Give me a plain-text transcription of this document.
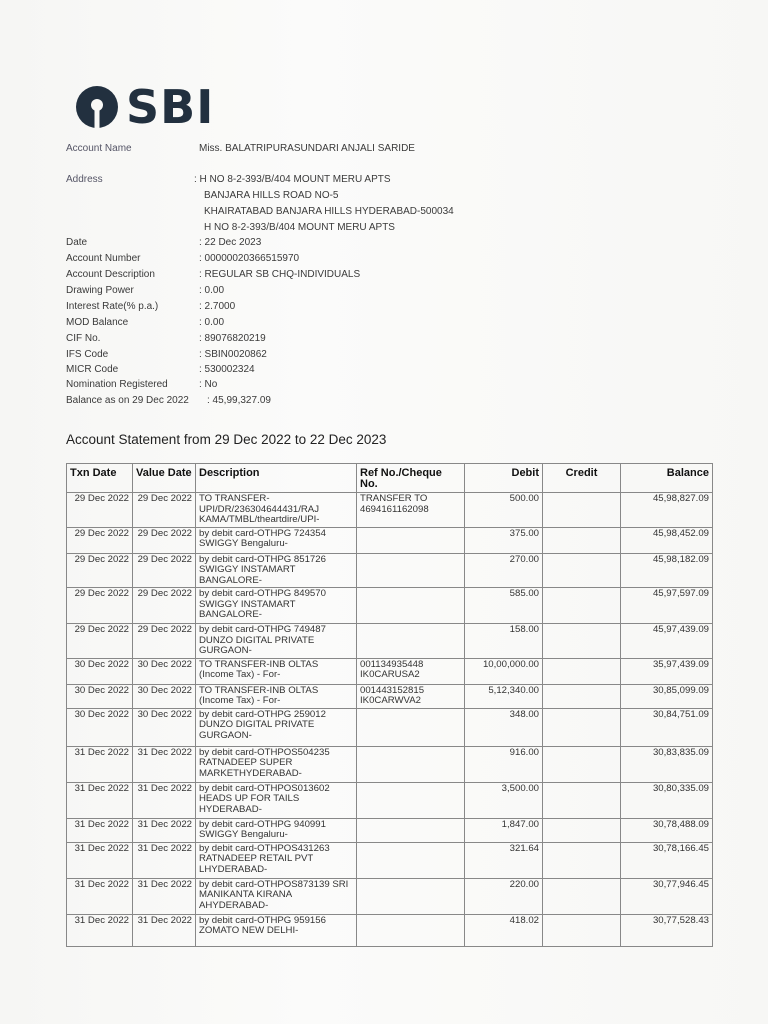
SBI
Account Name	Miss. BALATRIPURASUNDARI ANJALI SARIDE
Address	: H NO 8-2-393/B/404 MOUNT MERU APTS
BANJARA HILLS ROAD NO-5
KHAIRATABAD BANJARA HILLS HYDERABAD-500034
H NO 8-2-393/B/404 MOUNT MERU APTS
Date	: 22 Dec 2023
Account Number	: 00000020366515970
Account Description	: REGULAR SB CHQ-INDIVIDUALS
Drawing Power	: 0.00
Interest Rate(% p.a.)	: 2.7000
MOD Balance	: 0.00
CIF No.	: 89076820219
IFS Code	: SBIN0020862
MICR Code	: 530002324
Nomination Registered	: No
Balance as on 29 Dec 2022 : 45,99,327.09
Account Statement from 29 Dec 2022 to 22 Dec 2023
Txn Date	Value Date	Description	Ref No./Cheque No.	Debit	Credit	Balance
29 Dec 2022	29 Dec 2022	TO TRANSFER-UPI/DR/236304644431/RAJ KAMA/TMBL/theartdire/UPI-	TRANSFER TO 4694161162098	500.00		45,98,827.09
29 Dec 2022	29 Dec 2022	by debit card-OTHPG 724354 SWIGGY Bengaluru-		375.00		45,98,452.09
29 Dec 2022	29 Dec 2022	by debit card-OTHPG 851726 SWIGGY INSTAMART BANGALORE-		270.00		45,98,182.09
29 Dec 2022	29 Dec 2022	by debit card-OTHPG 849570 SWIGGY INSTAMART BANGALORE-		585.00		45,97,597.09
29 Dec 2022	29 Dec 2022	by debit card-OTHPG 749487 DUNZO DIGITAL PRIVATE GURGAON-		158.00		45,97,439.09
30 Dec 2022	30 Dec 2022	TO TRANSFER-INB OLTAS (Income Tax) - For-	001134935448 IK0CARUSA2	10,00,000.00		35,97,439.09
30 Dec 2022	30 Dec 2022	TO TRANSFER-INB OLTAS (Income Tax) - For-	001443152815 IK0CARWVA2	5,12,340.00		30,85,099.09
30 Dec 2022	30 Dec 2022	by debit card-OTHPG 259012 DUNZO DIGITAL PRIVATE GURGAON-		348.00		30,84,751.09
31 Dec 2022	31 Dec 2022	by debit card-OTHPOS504235 RATNADEEP SUPER MARKETHYDERABAD-		916.00		30,83,835.09
31 Dec 2022	31 Dec 2022	by debit card-OTHPOS013602 HEADS UP FOR TAILS HYDERABAD-		3,500.00		30,80,335.09
31 Dec 2022	31 Dec 2022	by debit card-OTHPG 940991 SWIGGY Bengaluru-		1,847.00		30,78,488.09
31 Dec 2022	31 Dec 2022	by debit card-OTHPOS431263 RATNADEEP RETAIL PVT LHYDERABAD-		321.64		30,78,166.45
31 Dec 2022	31 Dec 2022	by debit card-OTHPOS873139 SRI MANIKANTA KIRANA AHYDERABAD-		220.00		30,77,946.45
31 Dec 2022	31 Dec 2022	by debit card-OTHPG 959156 ZOMATO NEW DELHI-		418.02		30,77,528.43
